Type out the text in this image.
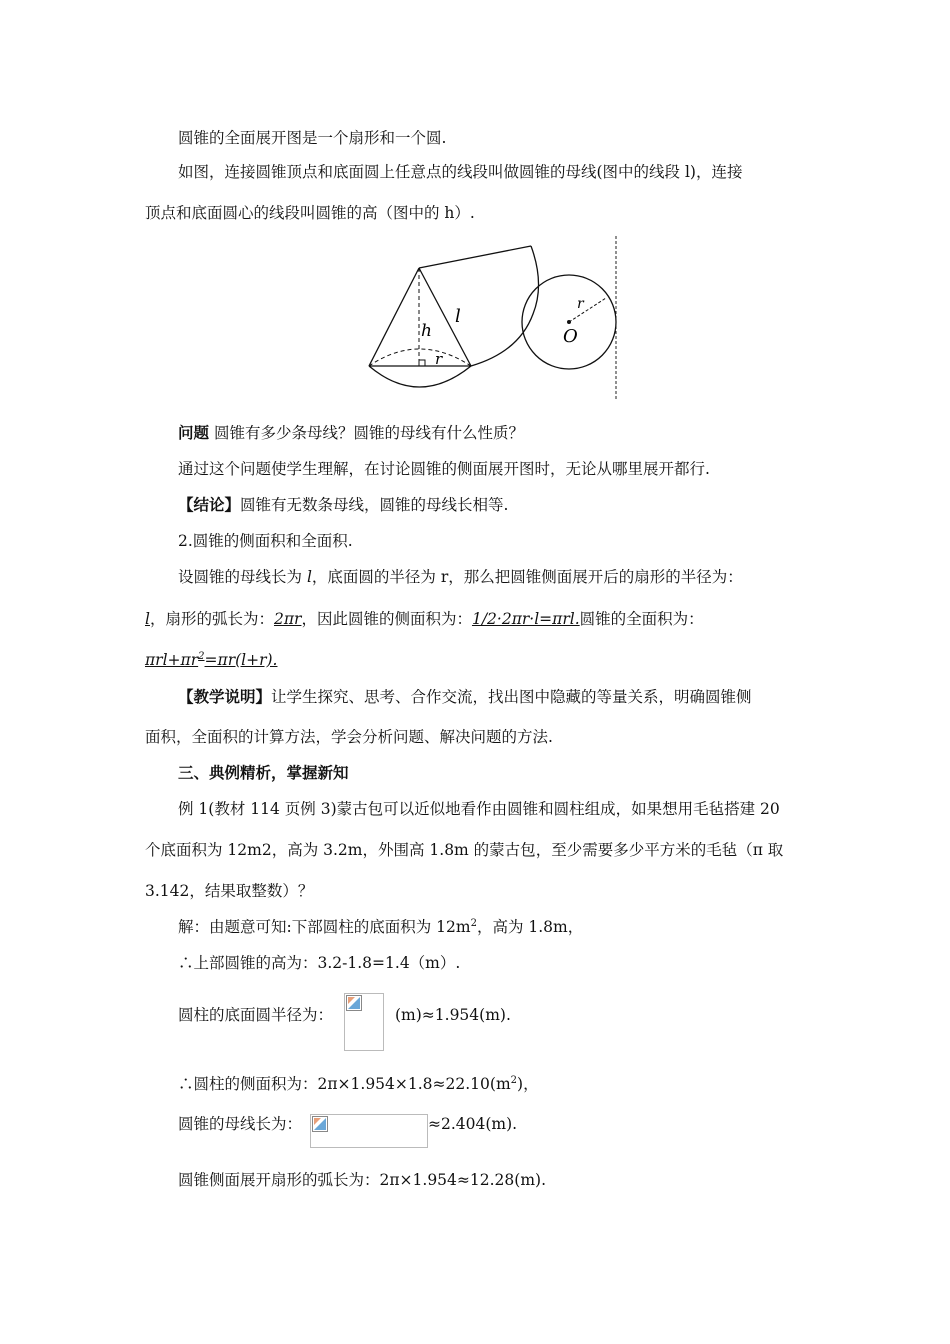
圆锥的全面展开图是一个扇形和一个圆.
如图，连接圆锥顶点和底面圆上任意点的线段叫做圆锥的母线(图中的线段 l)，连接
顶点和底面圆心的线段叫圆锥的高（图中的 h）.
h
l
r
r
O
问题 圆锥有多少条母线？圆锥的母线有什么性质？
通过这个问题使学生理解，在讨论圆锥的侧面展开图时，无论从哪里展开都行.
【结论】圆锥有无数条母线，圆锥的母线长相等.
2.圆锥的侧面积和全面积.
设圆锥的母线长为 l，底面圆的半径为 r，那么把圆锥侧面展开后的扇形的半径为：
l，扇形的弧长为：2πr，因此圆锥的侧面积为：1/2·2πr·l=πrl.圆锥的全面积为：
$\pi rl+\pi r^2=\pi r(l+r)$.
【教学说明】让学生探究、思考、合作交流，找出图中隐藏的等量关系，明确圆锥侧
面积，全面积的计算方法，学会分析问题、解决问题的方法.
三、典例精析，掌握新知
例 1(教材 114 页例 3)蒙古包可以近似地看作由圆锥和圆柱组成，如果想用毛毡搭建 20
个底面积为 12m2，高为 3.2m，外围高 1.8m 的蒙古包，至少需要多少平方米的毛毡（π 取
3.142，结果取整数）？
解：由题意可知:下部圆柱的底面积为 $12m^2$，高为 1.8m，
∴上部圆锥的高为：3.2-1.8=1.4（m）.
圆柱的底面圆半径为：	(m)≈1.954(m).
∴圆柱的侧面积为：$2\pi\times 1.954\times 1.8\approx 22.10(m^2)$，
圆锥的母线长为：	≈2.404(m).
圆锥侧面展开扇形的弧长为：2π×1.954≈12.28(m).
